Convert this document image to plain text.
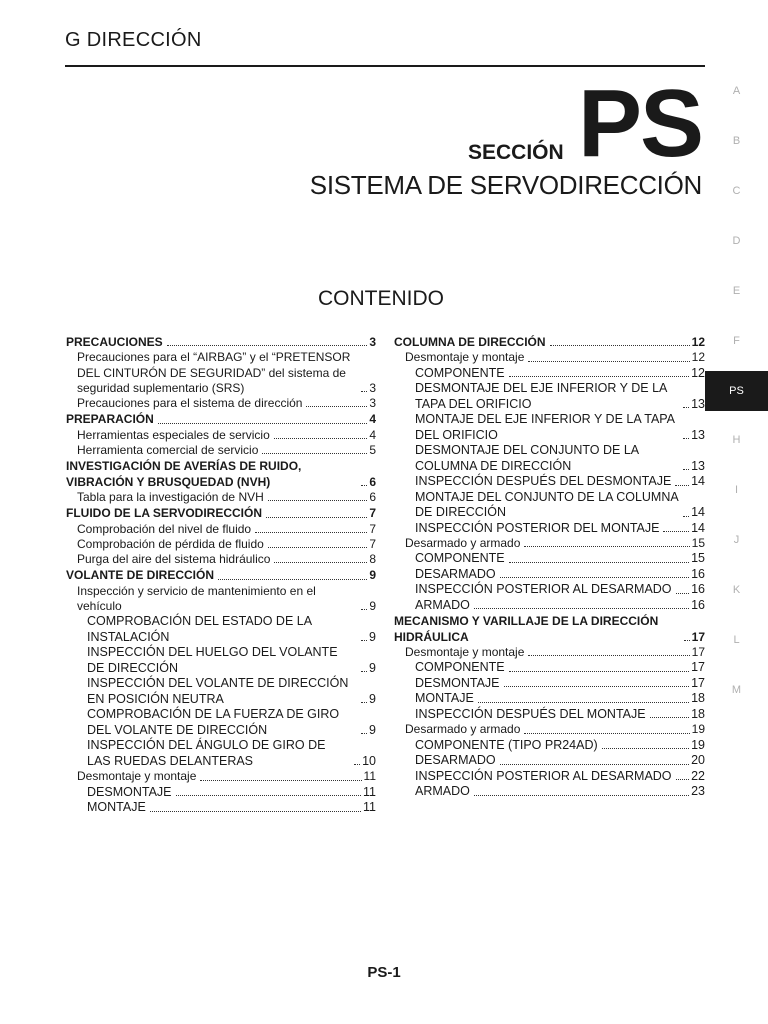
G DIRECCIÓN
SECCIÓN PS
SISTEMA DE SERVODIRECCIÓN
CONTENIDO
PRECAUCIONES	3
Precauciones para el “AIRBAG” y el “PRETENSOR DEL CINTURÓN DE SEGURIDAD” del sistema de seguridad suplementario (SRS)	3
Precauciones para el sistema de dirección	3
PREPARACIÓN	4
Herramientas especiales de servicio	4
Herramienta comercial de servicio	5
INVESTIGACIÓN DE AVERÍAS DE RUIDO, VIBRACIÓN Y BRUSQUEDAD (NVH)	6
Tabla para la investigación de NVH	6
FLUIDO DE LA SERVODIRECCIÓN	7
Comprobación del nivel de fluido	7
Comprobación de pérdida de fluido	7
Purga del aire del sistema hidráulico	8
VOLANTE DE DIRECCIÓN	9
Inspección y servicio de mantenimiento en el vehículo	9
COMPROBACIÓN DEL ESTADO DE LA INSTALACIÓN	9
INSPECCIÓN DEL HUELGO DEL VOLANTE DE DIRECCIÓN	9
INSPECCIÓN DEL VOLANTE DE DIRECCIÓN EN POSICIÓN NEUTRA	9
COMPROBACIÓN DE LA FUERZA DE GIRO DEL VOLANTE DE DIRECCIÓN	9
INSPECCIÓN DEL ÁNGULO DE GIRO DE LAS RUEDAS DELANTERAS	10
Desmontaje y montaje	11
DESMONTAJE	11
MONTAJE	11
COLUMNA DE DIRECCIÓN	12
Desmontaje y montaje	12
COMPONENTE	12
DESMONTAJE DEL EJE INFERIOR Y DE LA TAPA DEL ORIFICIO	13
MONTAJE DEL EJE INFERIOR Y DE LA TAPA DEL ORIFICIO	13
DESMONTAJE DEL CONJUNTO DE LA COLUMNA DE DIRECCIÓN	13
INSPECCIÓN DESPUÉS DEL DESMONTAJE 14
MONTAJE DEL CONJUNTO DE LA COLUMNA DE DIRECCIÓN	14
INSPECCIÓN POSTERIOR DEL MONTAJE	14
Desarmado y armado	15
COMPONENTE	15
DESARMADO	16
INSPECCIÓN POSTERIOR AL DESARMADO 16
ARMADO	16
MECANISMO Y VARILLAJE DE LA DIRECCIÓN HIDRÁULICA	17
Desmontaje y montaje	17
COMPONENTE	17
DESMONTAJE	17
MONTAJE	18
INSPECCIÓN DESPUÉS DEL MONTAJE	18
Desarmado y armado	19
COMPONENTE (TIPO PR24AD)	19
DESARMADO	20
INSPECCIÓN POSTERIOR AL DESARMADO 22
ARMADO	23
A
B
C
D
E
F
PS
H
I
J
K
L
M
PS-1
